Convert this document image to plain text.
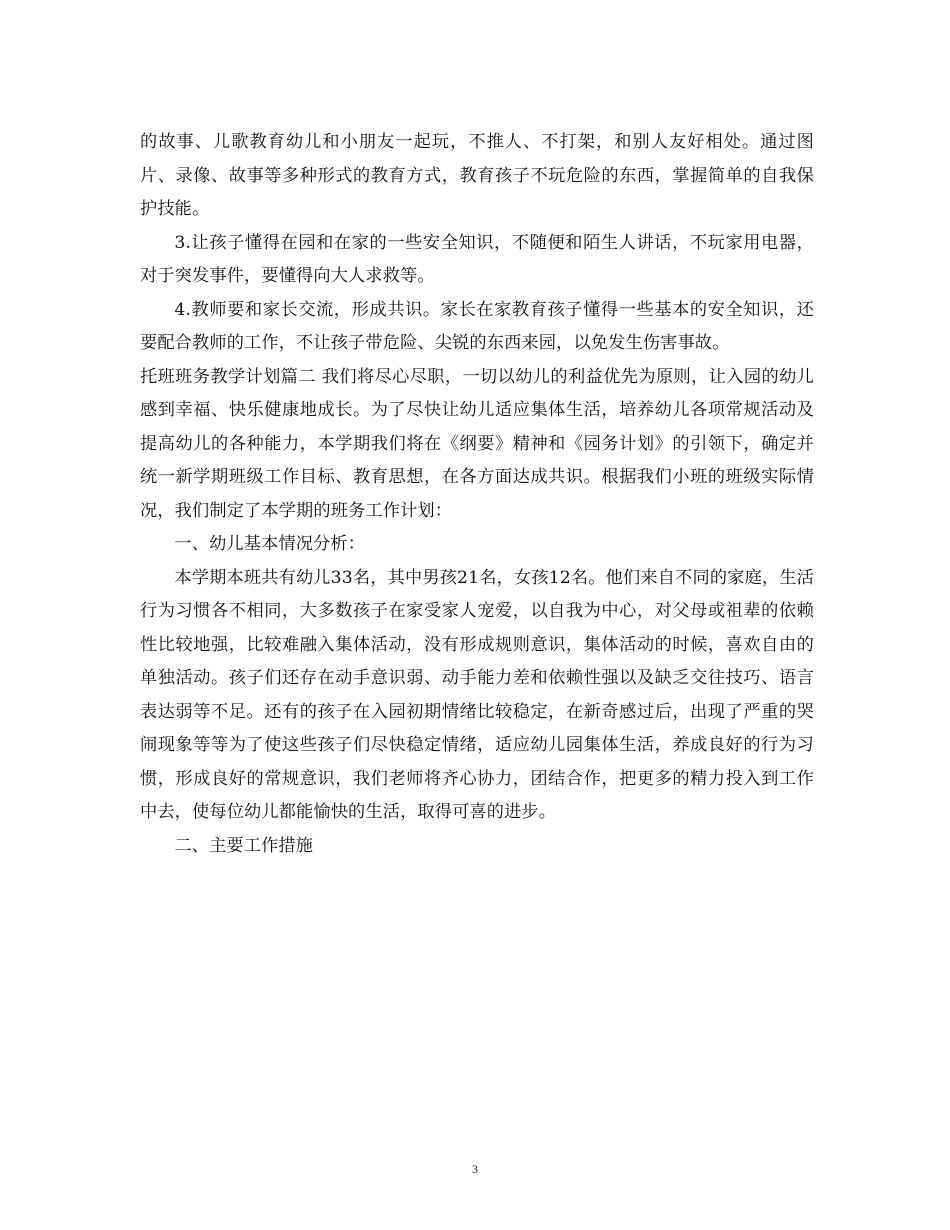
的故事、儿歌教育幼儿和小朋友一起玩，不推人、不打架，和别人友好相处。通过图片、录像、故事等多种形式的教育方式，教育孩子不玩危险的东西，掌握简单的自我保护技能。

3.让孩子懂得在园和在家的一些安全知识，不随便和陌生人讲话，不玩家用电器，对于突发事件，要懂得向大人求救等。

4.教师要和家长交流，形成共识。家长在家教育孩子懂得一些基本的安全知识，还要配合教师的工作，不让孩子带危险、尖锐的东西来园，以免发生伤害事故。

托班班务教学计划篇二 我们将尽心尽职，一切以幼儿的利益优先为原则，让入园的幼儿感到幸福、快乐健康地成长。为了尽快让幼儿适应集体生活，培养幼儿各项常规活动及提高幼儿的各种能力，本学期我们将在《纲要》精神和《园务计划》的引领下，确定并统一新学期班级工作目标、教育思想，在各方面达成共识。根据我们小班的班级实际情况，我们制定了本学期的班务工作计划：

一、幼儿基本情况分析：

本学期本班共有幼儿33名，其中男孩21名，女孩12名。他们来自不同的家庭，生活行为习惯各不相同，大多数孩子在家受家人宠爱，以自我为中心，对父母或祖辈的依赖性比较地强，比较难融入集体活动，没有形成规则意识，集体活动的时候，喜欢自由的单独活动。孩子们还存在动手意识弱、动手能力差和依赖性强以及缺乏交往技巧、语言表达弱等不足。还有的孩子在入园初期情绪比较稳定，在新奇感过后，出现了严重的哭闹现象等等为了使这些孩子们尽快稳定情绪，适应幼儿园集体生活，养成良好的行为习惯，形成良好的常规意识，我们老师将齐心协力，团结合作，把更多的精力投入到工作中去，使每位幼儿都能愉快的生活，取得可喜的进步。

二、主要工作措施

3
